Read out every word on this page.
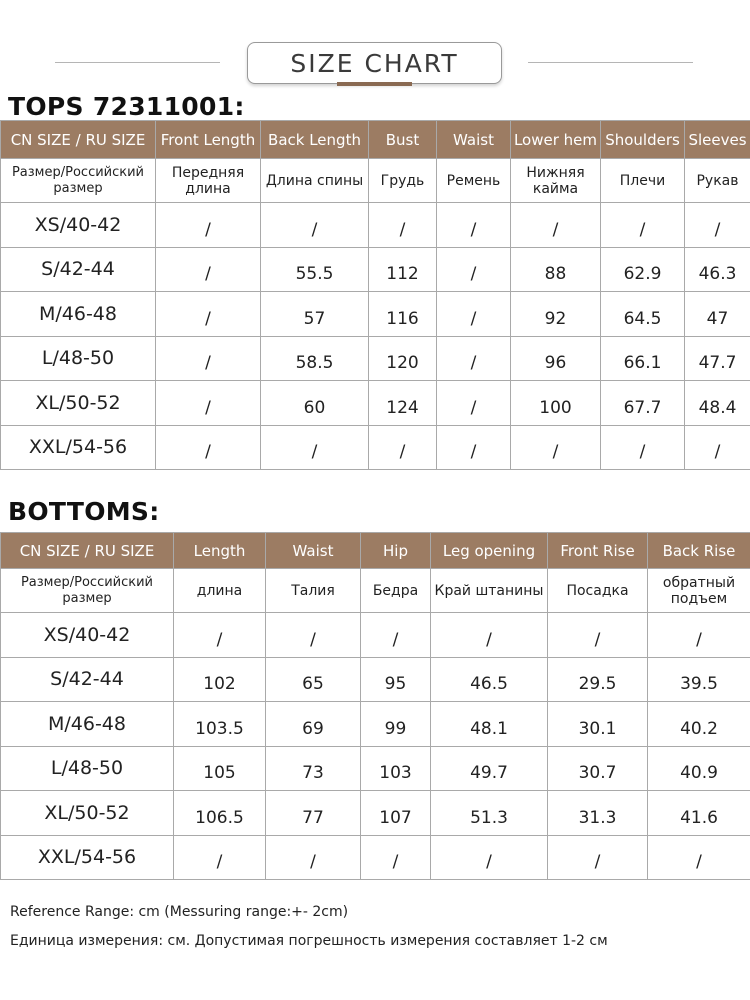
SIZE CHART
TOPS 72311001:
CN SIZE / RU SIZE	Front Length	Back Length	Bust	Waist	Lower hem	Shoulders	Sleeves
Размер/Российский размер	Передняя длина	Длина спины	Грудь	Ремень	Нижняя кайма	Плечи	Рукав
XS/40-42	/	/	/	/	/	/	/
S/42-44	/	55.5	112	/	88	62.9	46.3
M/46-48	/	57	116	/	92	64.5	47
L/48-50	/	58.5	120	/	96	66.1	47.7
XL/50-52	/	60	124	/	100	67.7	48.4
XXL/54-56	/	/	/	/	/	/	/
BOTTOMS:
CN SIZE / RU SIZE	Length	Waist	Hip	Leg opening	Front Rise	Back Rise
Размер/Российский размер	длина	Талия	Бедра	Край штанины	Посадка	обратный подъем
XS/40-42	/	/	/	/	/	/
S/42-44	102	65	95	46.5	29.5	39.5
M/46-48	103.5	69	99	48.1	30.1	40.2
L/48-50	105	73	103	49.7	30.7	40.9
XL/50-52	106.5	77	107	51.3	31.3	41.6
XXL/54-56	/	/	/	/	/	/
Reference Range: cm (Messuring range:+- 2cm)
Единица измерения: см. Допустимая погрешность измерения составляет 1-2 см
